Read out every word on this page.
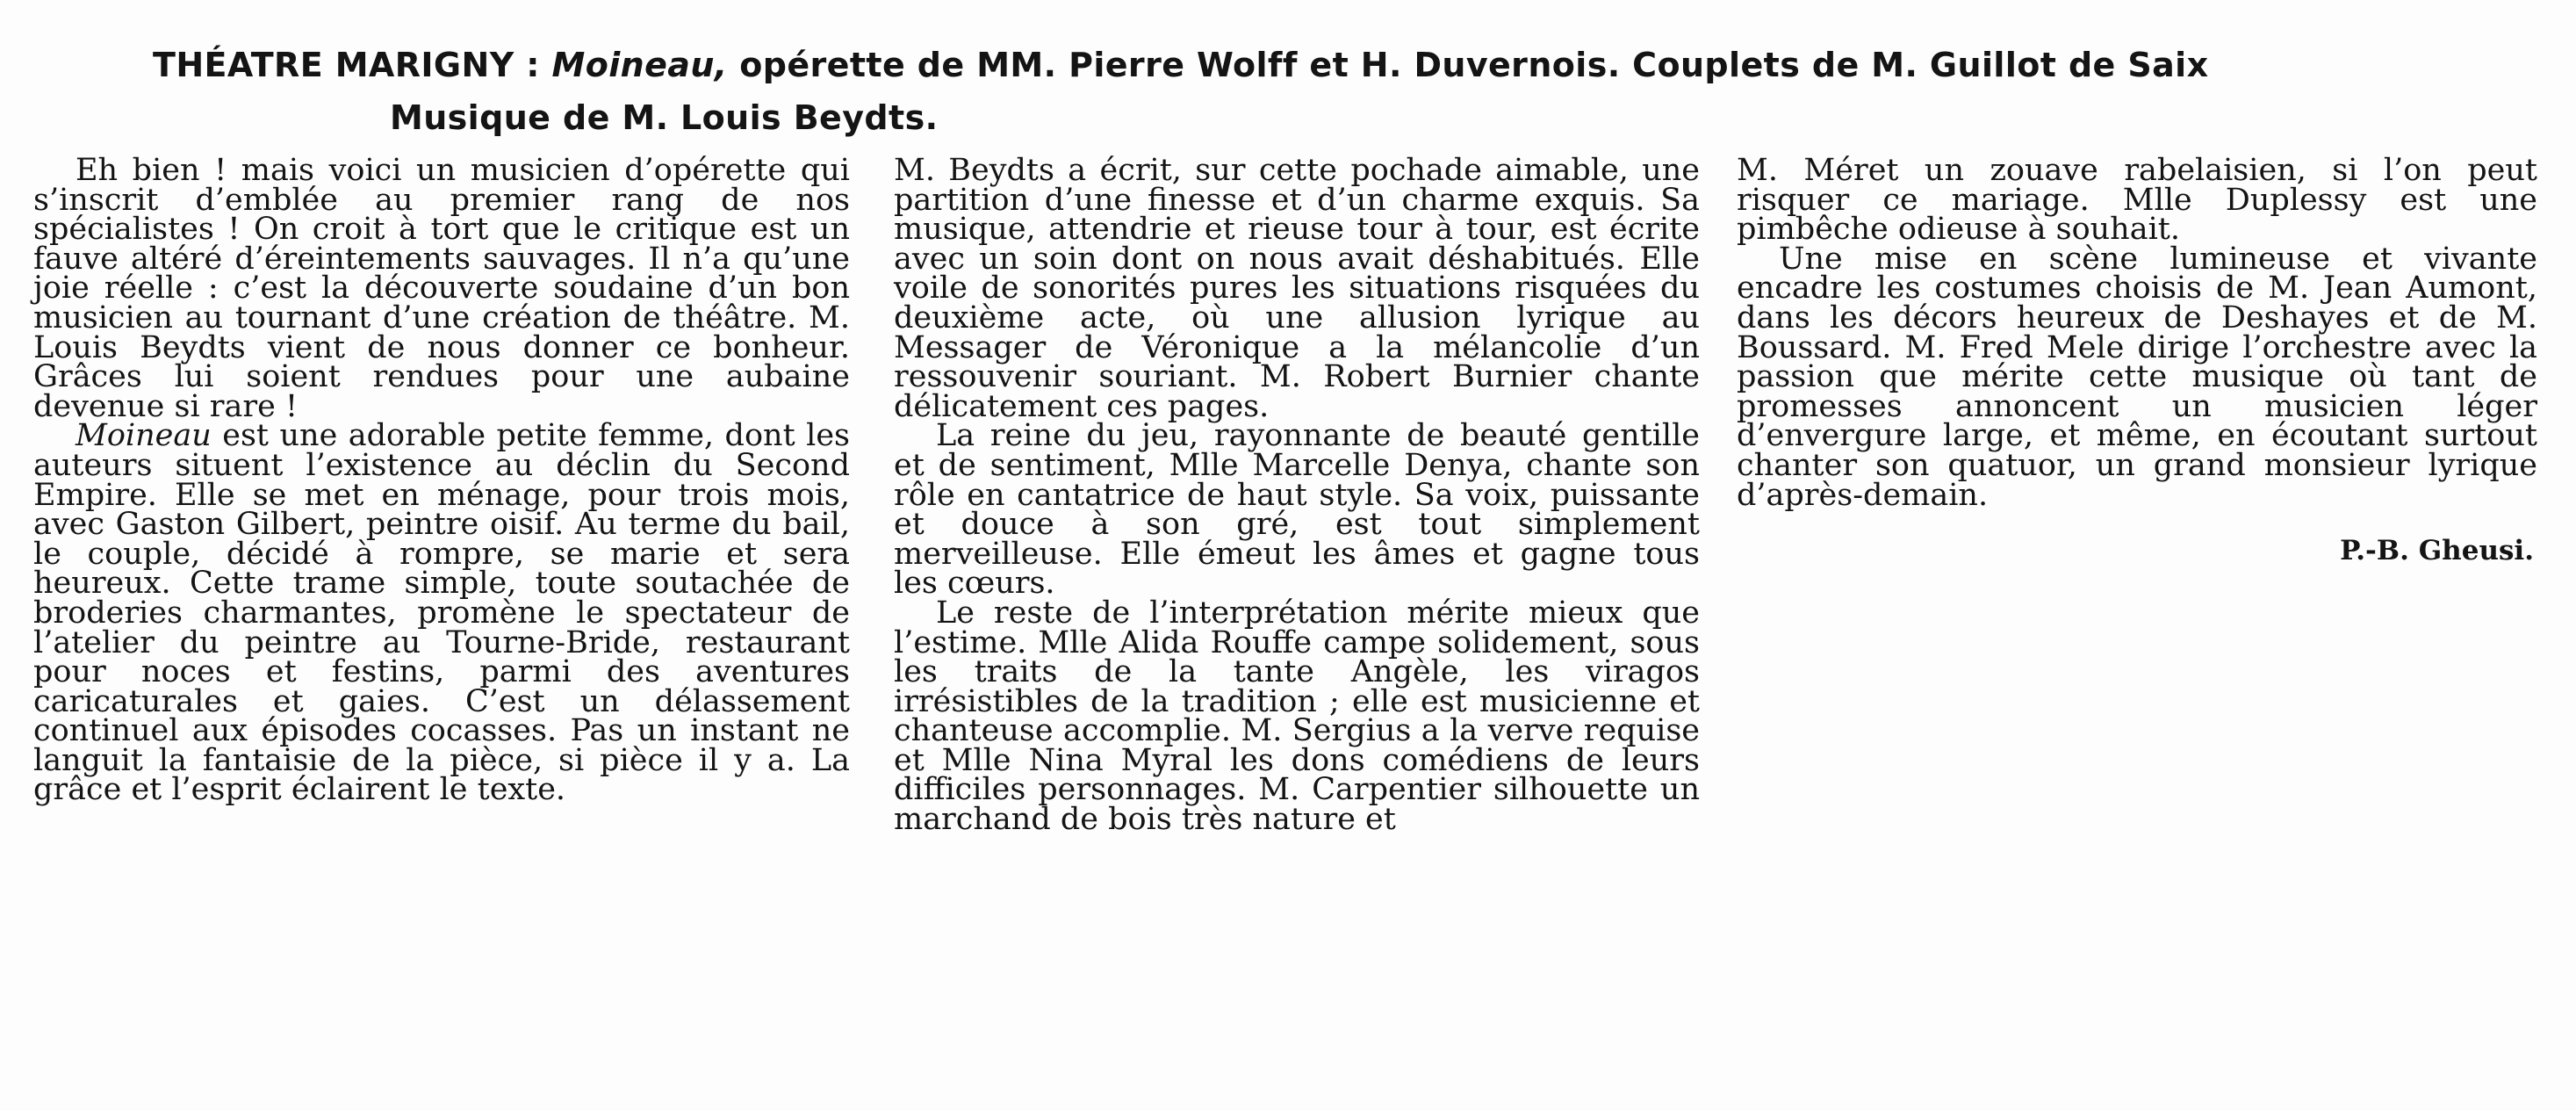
THÉATRE MARIGNY : Moineau, opérette de MM. Pierre Wolff et H. Duvernois. Couplets de M. Guillot de Saix
Musique de M. Louis Beydts.

Eh bien ! mais voici un musicien d’opérette qui s’inscrit d’emblée au premier rang de nos spécialistes ! On croit à tort que le critique est un fauve altéré d’éreintements sauvages. Il n’a qu’une joie réelle : c’est la découverte soudaine d’un bon musicien au tournant d’une création de théâtre. M. Louis Beydts vient de nous donner ce bonheur. Grâces lui soient rendues pour une aubaine devenue si rare !

Moineau est une adorable petite femme, dont les auteurs situent l’existence au déclin du Second Empire. Elle se met en ménage, pour trois mois, avec Gaston Gilbert, peintre oisif. Au terme du bail, le couple, décidé à rompre, se marie et sera heureux. Cette trame simple, toute soutachée de broderies charmantes, promène le spectateur de l’atelier du peintre au Tourne-Bride, restaurant pour noces et festins, parmi des aventures caricaturales et gaies. C’est un délassement continuel aux épisodes cocasses. Pas un instant ne languit la fantaisie de la pièce, si pièce il y a. La grâce et l’esprit éclairent le texte.

M. Beydts a écrit, sur cette pochade aimable, une partition d’une finesse et d’un charme exquis. Sa musique, attendrie et rieuse tour à tour, est écrite avec un soin dont on nous avait déshabitués. Elle voile de sonorités pures les situations risquées du deuxième acte, où une allusion lyrique au Messager de Véronique a la mélancolie d’un ressouvenir souriant. M. Robert Burnier chante délicatement ces pages.

La reine du jeu, rayonnante de beauté gentille et de sentiment, Mlle Marcelle Denya, chante son rôle en cantatrice de haut style. Sa voix, puissante et douce à son gré, est tout simplement merveilleuse. Elle émeut les âmes et gagne tous les cœurs.

Le reste de l’interprétation mérite mieux que l’estime. Mlle Alida Rouffe campe solidement, sous les traits de la tante Angèle, les viragos irrésistibles de la tradition ; elle est musicienne et chanteuse accomplie. M. Sergius a la verve requise et Mlle Nina Myral les dons comédiens de leurs difficiles personnages. M. Carpentier silhouette un marchand de bois très nature et

M. Méret un zouave rabelaisien, si l’on peut risquer ce mariage. Mlle Duplessy est une pimbêche odieuse à souhait.

Une mise en scène lumineuse et vivante encadre les costumes choisis de M. Jean Aumont, dans les décors heureux de Deshayes et de M. Boussard. M. Fred Mele dirige l’orchestre avec la passion que mérite cette musique où tant de promesses annoncent un musicien léger d’envergure large, et même, en écoutant surtout chanter son quatuor, un grand monsieur lyrique d’après-demain.

P.-B. Gheusi.
